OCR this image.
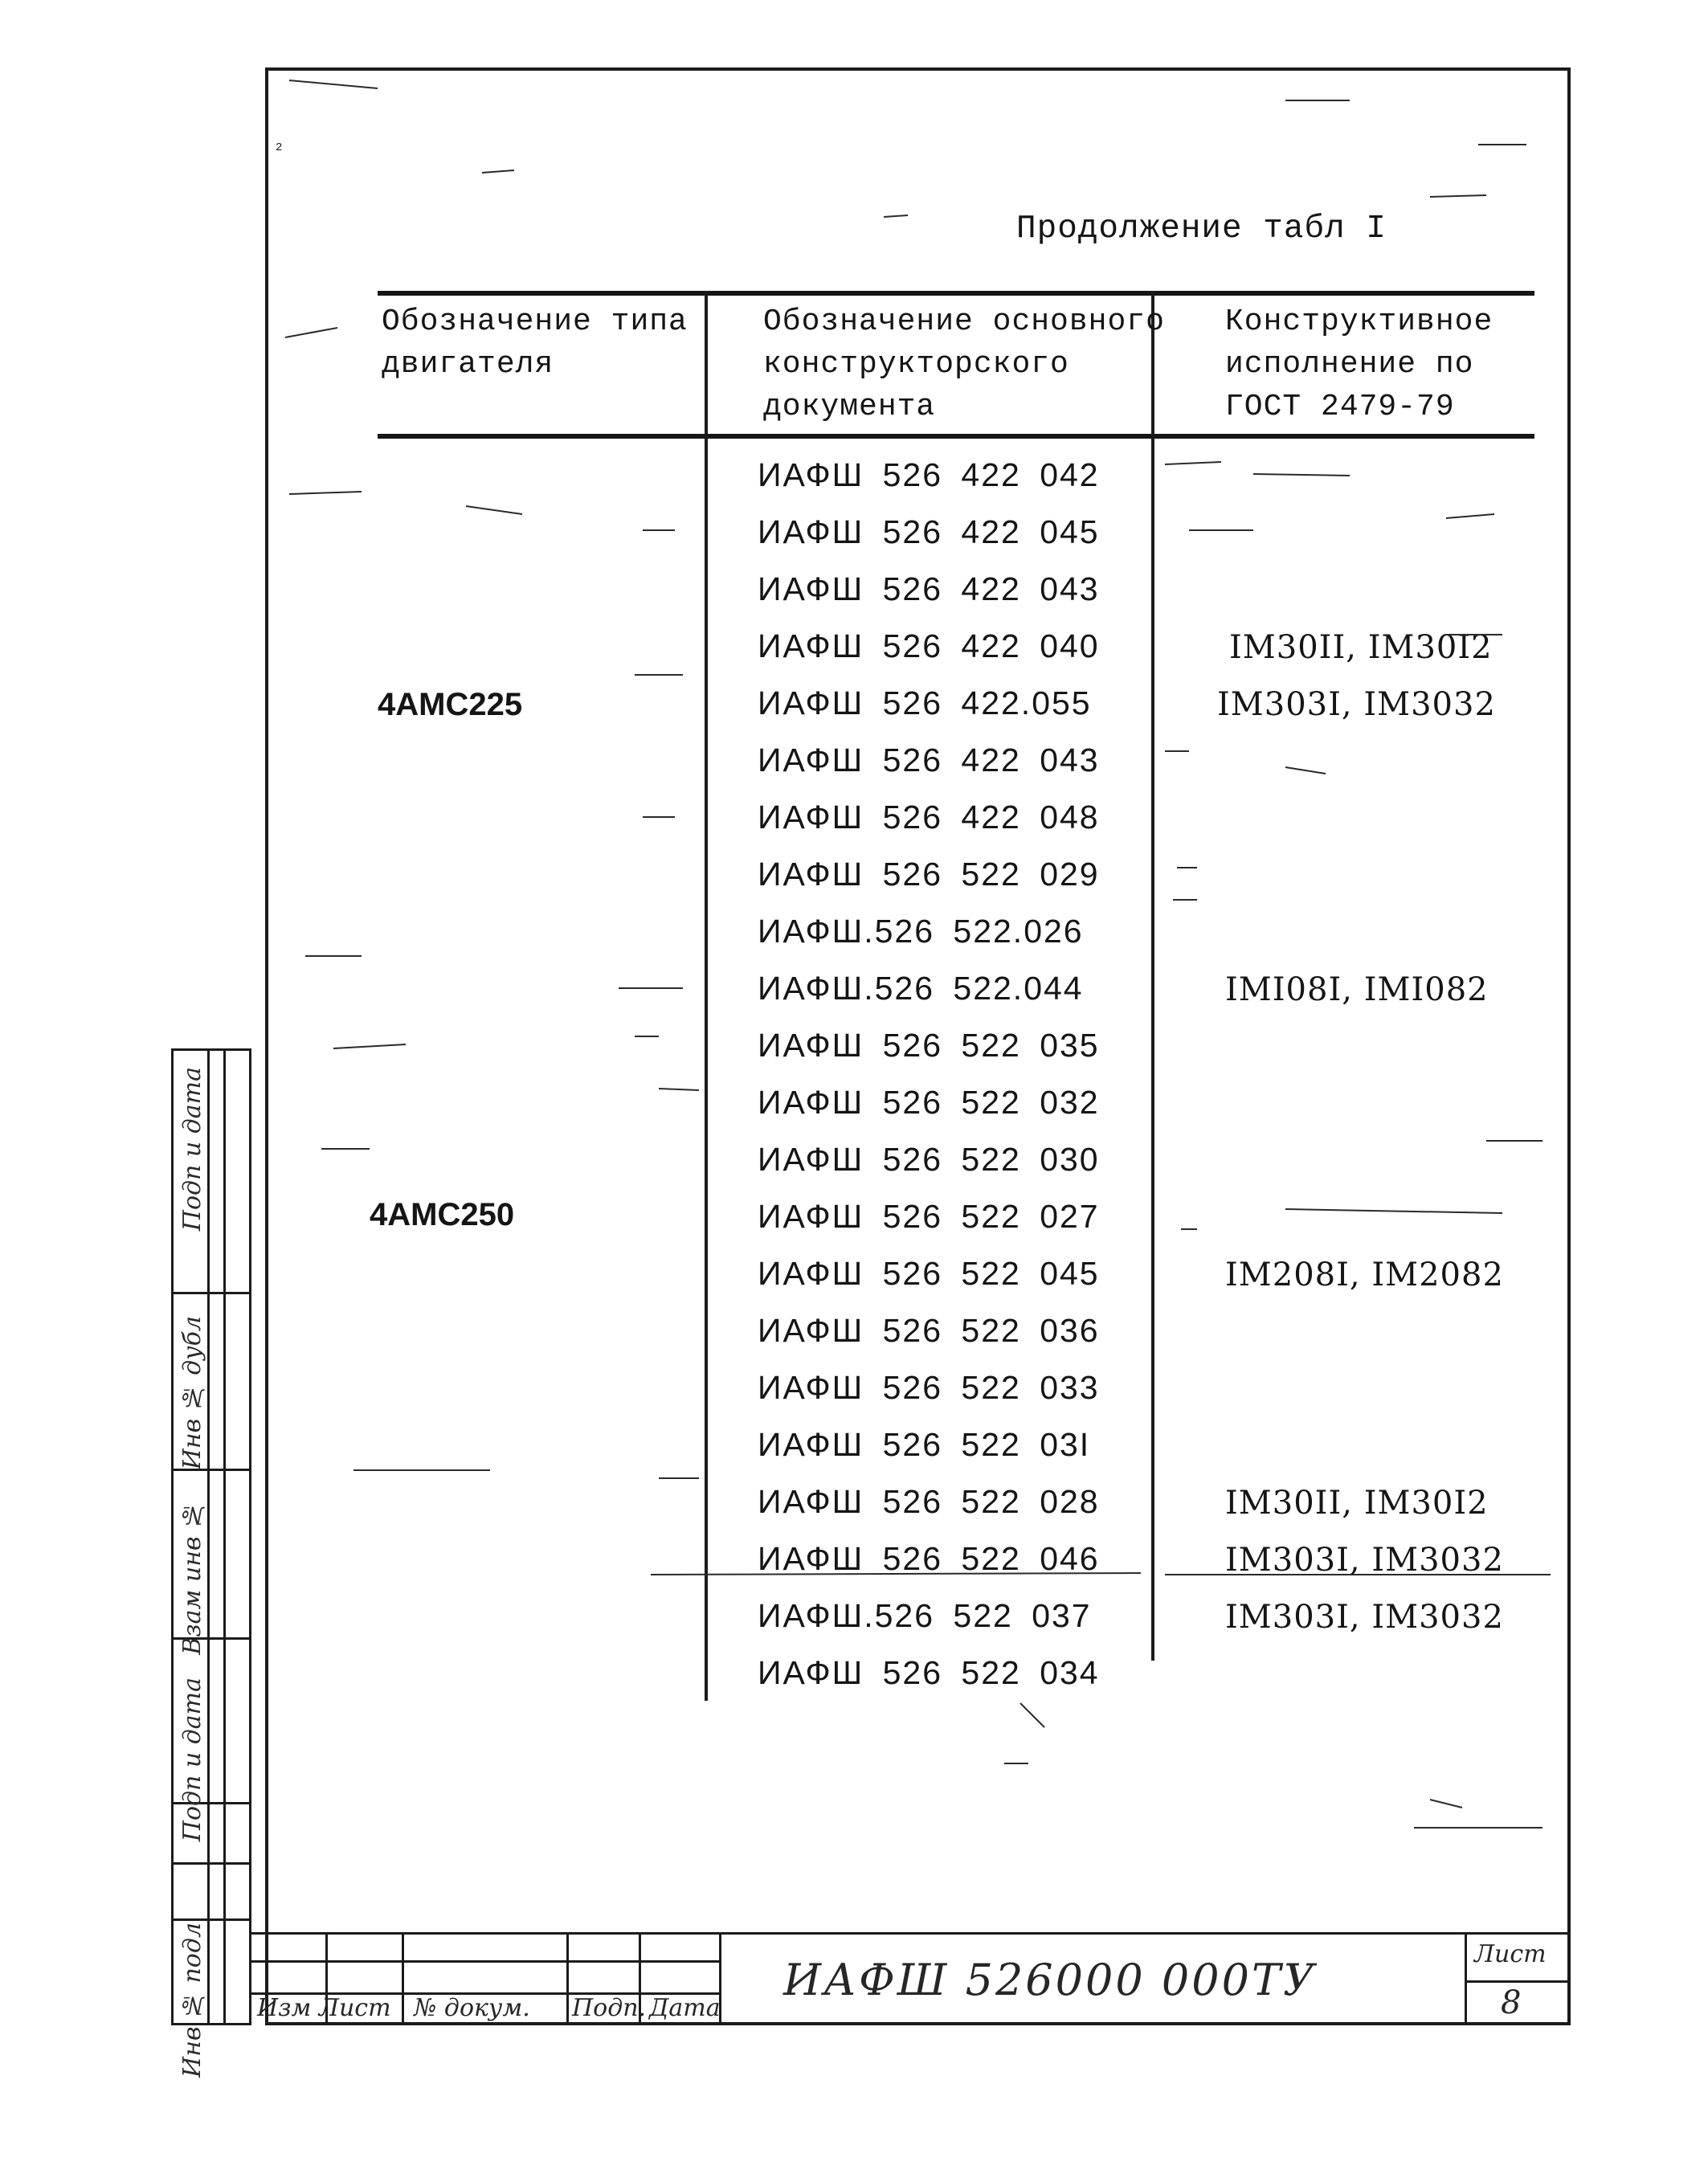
2
Продолжение табл I
Обозначение типа
двигателя
Обозначение основного
конструкторского
документа
Конструктивное
исполнение по
ГОСТ 2479-79
4АМС225
4АМС250
ИАФШ 526 422 042
ИАФШ 526 422 045
ИАФШ 526 422 043
ИАФШ 526 422 040
ИАФШ 526 422.055
ИАФШ 526 422 043
ИАФШ 526 422 048
ИАФШ 526 522 029
ИАФШ.526 522.026
ИАФШ.526 522.044
ИАФШ 526 522 035
ИАФШ 526 522 032
ИАФШ 526 522 030
ИАФШ 526 522 027
ИАФШ 526 522 045
ИАФШ 526 522 036
ИАФШ 526 522 033
ИАФШ 526 522 03I
ИАФШ 526 522 028
ИАФШ 526 522 046
ИАФШ.526 522 037
ИАФШ 526 522 034
IM30II, IM30I2
IM303I, IM3032
IMI08I, IMI082
IM208I, IM2082
IM30II, IM30I2
IM303I, IM3032
IM303I, IM3032
Инв № подл
Подп и дата
Взам инв №
Инв № дубл
Подп и дата
Изм Лист № докум. Подп. Дата
ИАФШ 526000 000ТУ
Лист
8
